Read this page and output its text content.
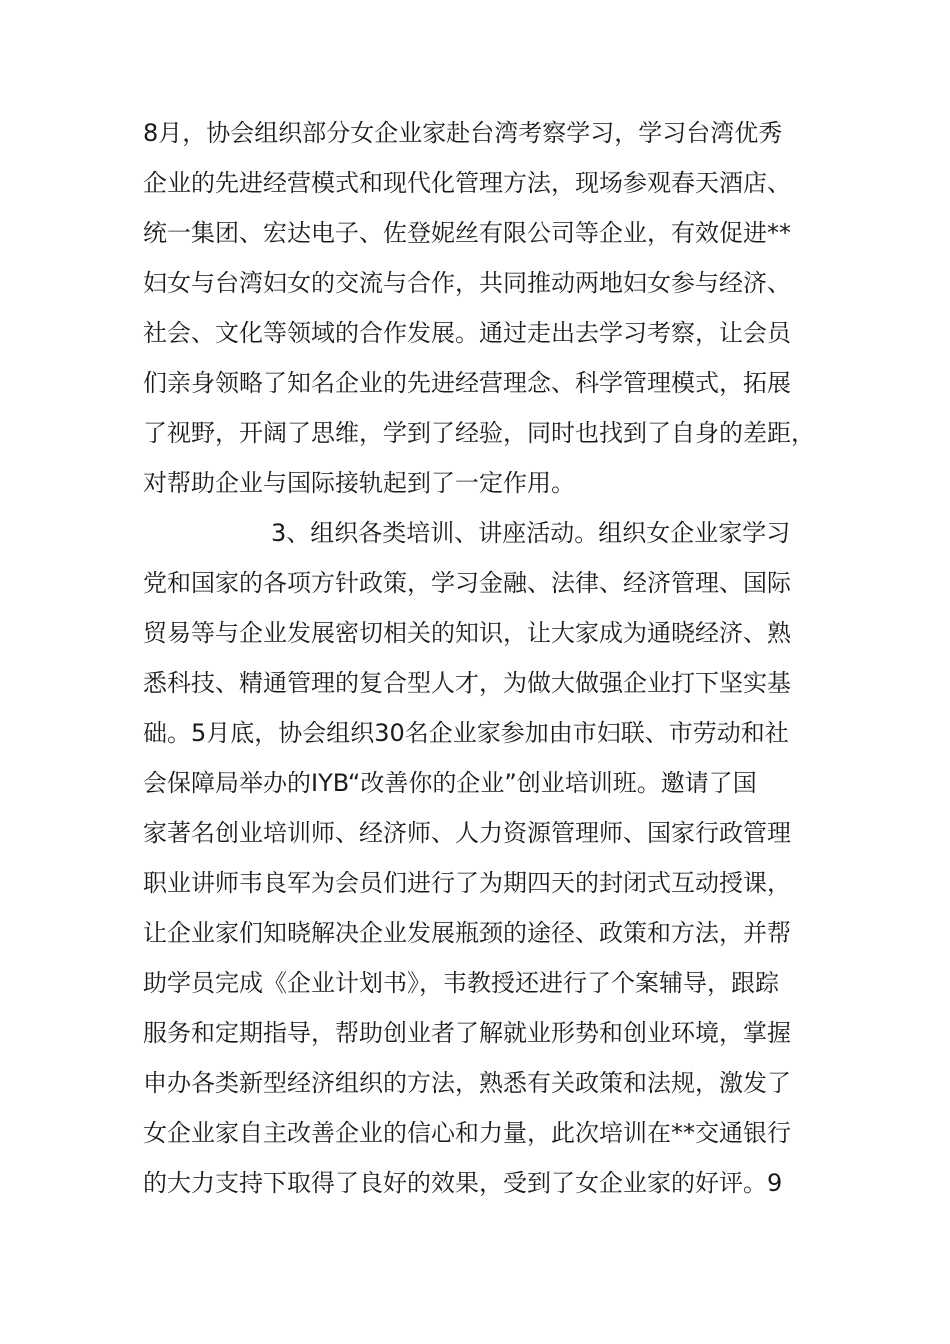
8月，协会组织部分女企业家赴台湾考察学习，学习台湾优秀
企业的先进经营模式和现代化管理方法，现场参观春天酒店、
统一集团、宏达电子、佐登妮丝有限公司等企业，有效促进**
妇女与台湾妇女的交流与合作，共同推动两地妇女参与经济、
社会、文化等领域的合作发展。通过走出去学习考察，让会员
们亲身领略了知名企业的先进经营理念、科学管理模式，拓展
了视野，开阔了思维，学到了经验，同时也找到了自身的差距，
对帮助企业与国际接轨起到了一定作用。
3、组织各类培训、讲座活动。组织女企业家学习
党和国家的各项方针政策，学习金融、法律、经济管理、国际
贸易等与企业发展密切相关的知识，让大家成为通晓经济、熟
悉科技、精通管理的复合型人才，为做大做强企业打下坚实基
础。5月底，协会组织30名企业家参加由市妇联、市劳动和社
会保障局举办的IYB“改善你的企业”创业培训班。邀请了国
家著名创业培训师、经济师、人力资源管理师、国家行政管理
职业讲师韦良军为会员们进行了为期四天的封闭式互动授课，
让企业家们知晓解决企业发展瓶颈的途径、政策和方法，并帮
助学员完成《企业计划书》，韦教授还进行了个案辅导，跟踪
服务和定期指导，帮助创业者了解就业形势和创业环境，掌握
申办各类新型经济组织的方法，熟悉有关政策和法规，激发了
女企业家自主改善企业的信心和力量，此次培训在**交通银行
的大力支持下取得了良好的效果，受到了女企业家的好评。9
